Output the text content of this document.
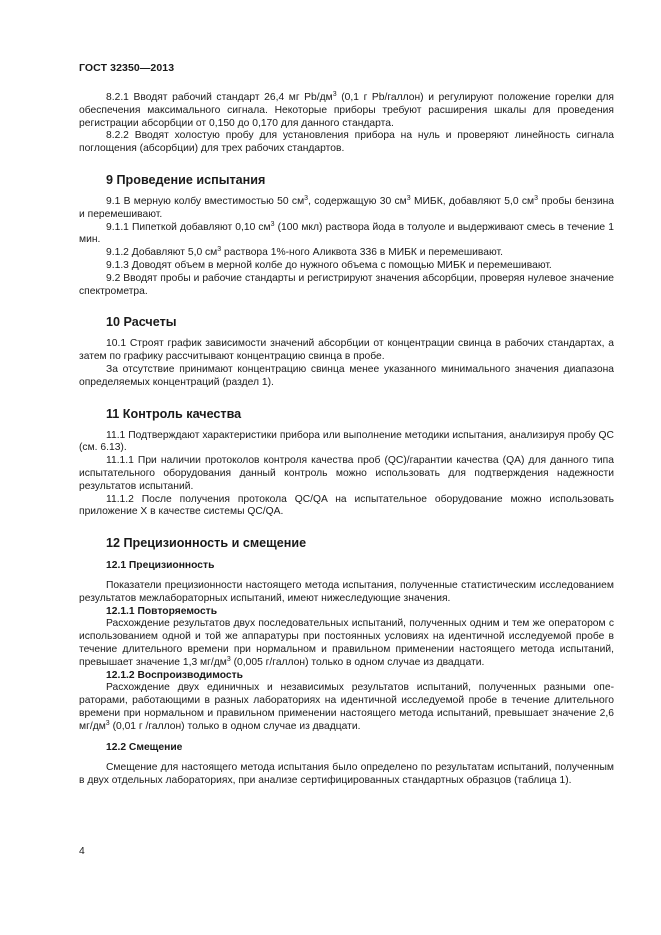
ГОСТ 32350—2013

8.2.1 Вводят рабочий стандарт 26,4 мг $Pb/дм^3$ (0,1 г Pb/галлон) и регулируют положение горелки для обеспечения максимального сигнала. Некоторые приборы требуют расширения шкалы для проведения регистрации абсорбции от 0,150 до 0,170 для данного стандарта.

8.2.2 Вводят холостую пробу для установления прибора на нуль и проверяют линейность сигнала поглощения (абсорбции) для трех рабочих стандартов.

9 Проведение испытания

9.1 В мерную колбу вместимостью 50 $см^3$, содержащую 30 $см^3$ МИБК, добавляют 5,0 $см^3$ пробы бензина и перемешивают.

9.1.1 Пипеткой добавляют 0,10 $см^3$ (100 мкл) раствора йода в толуоле и выдерживают смесь в течение 1 мин.

9.1.2 Добавляют 5,0 $см^3$ раствора 1%-ного Аликвота 336 в МИБК и перемешивают.

9.1.3 Доводят объем в мерной колбе до нужного объема с помощью МИБК и перемешивают.

9.2 Вводят пробы и рабочие стандарты и регистрируют значения абсорбции, проверяя нулевое значение спектрометра.

10 Расчеты

10.1 Строят график зависимости значений абсорбции от концентрации свинца в рабочих стандартах, а затем по графику рассчитывают концентрацию свинца в пробе.

За отсутствие принимают концентрацию свинца менее указанного минимального значения диапазона определяемых концентраций (раздел 1).

11 Контроль качества

11.1 Подтверждают характеристики прибора или выполнение методики испытания, анализируя пробу QC (см. 6.13).

11.1.1 При наличии протоколов контроля качества проб (QC)/гарантии качества (QA) для данного типа испытательного оборудования данный контроль можно использовать для подтверждения надежности результатов испытаний.

11.1.2 После получения протокола QC/QA на испытательное оборудование можно использовать приложение X в качестве системы QC/QA.

12 Прецизионность и смещение
12.1 Прецизионность

Показатели прецизионности настоящего метода испытания, полученные статистическим исследованием результатов межлабораторных испытаний, имеют нижеследующие значения.

12.1.1 Повторяемость

Расхождение результатов двух последовательных испытаний, полученных одним и тем же оператором с использованием одной и той же аппаратуры при постоянных условиях на идентичной исследуемой пробе в течение длительного времени при нормальном и правильном применении настоящего метода испытаний, превышает значение 1,3 $мг/дм^3$ (0,005 г/галлон) только в одном случае из двадцати.

12.1.2 Воспроизводимость

Расхождение двух единичных и независимых результатов испытаний, полученных разными операторами, работающими в разных лабораториях на идентичной исследуемой пробе в течение длительного времени при нормальном и правильном применении настоящего метода испытаний, превышает значение 2,6 $мг/дм^3$ (0,01 г /галлон) только в одном случае из двадцати.

12.2 Смещение

Смещение для настоящего метода испытания было определено по результатам испытаний, полученным в двух отдельных лабораториях, при анализе сертифицированных стандартных образцов (таблица 1).

4
